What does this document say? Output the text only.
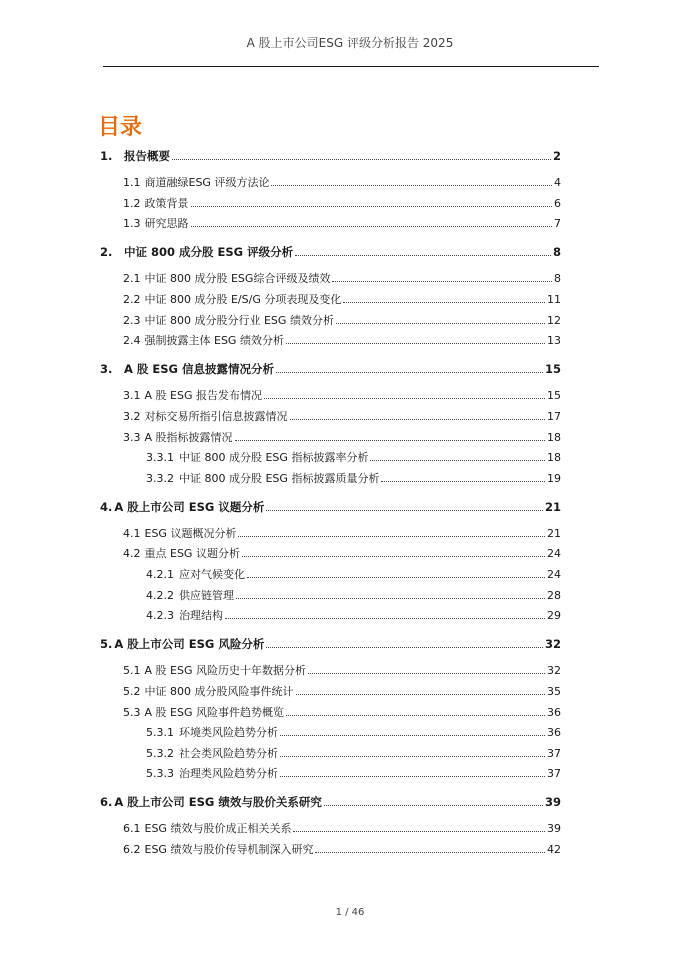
A 股上市公司ESG 评级分析报告 2025
目录
1.	报告概要	2
1.1 商道融绿ESG 评级方法论	4
1.2 政策背景	6
1.3 研究思路	7
2.	中证 800 成分股 ESG 评级分析	8
2.1 中证 800 成分股 ESG综合评级及绩效	8
2.2 中证 800 成分股 E/S/G 分项表现及变化	11
2.3 中证 800 成分股分行业 ESG 绩效分析	12
2.4 强制披露主体 ESG 绩效分析	13
3.	A 股 ESG 信息披露情况分析	15
3.1 A 股 ESG 报告发布情况	15
3.2 对标交易所指引信息披露情况	17
3.3 A 股指标披露情况	18
3.3.1 中证 800 成分股 ESG 指标披露率分析	18
3.3.2 中证 800 成分股 ESG 指标披露质量分析	19
4. A 股上市公司 ESG 议题分析	21
4.1 ESG 议题概况分析	21
4.2 重点 ESG 议题分析	24
4.2.1 应对气候变化	24
4.2.2 供应链管理	28
4.2.3 治理结构	29
5. A 股上市公司 ESG 风险分析	32
5.1 A 股 ESG 风险历史十年数据分析	32
5.2 中证 800 成分股风险事件统计	35
5.3 A 股 ESG 风险事件趋势概览	36
5.3.1 环境类风险趋势分析	36
5.3.2 社会类风险趋势分析	37
5.3.3 治理类风险趋势分析	37
6. A 股上市公司 ESG 绩效与股价关系研究	39
6.1 ESG 绩效与股价成正相关关系	39
6.2 ESG 绩效与股价传导机制深入研究	42
1 / 46
